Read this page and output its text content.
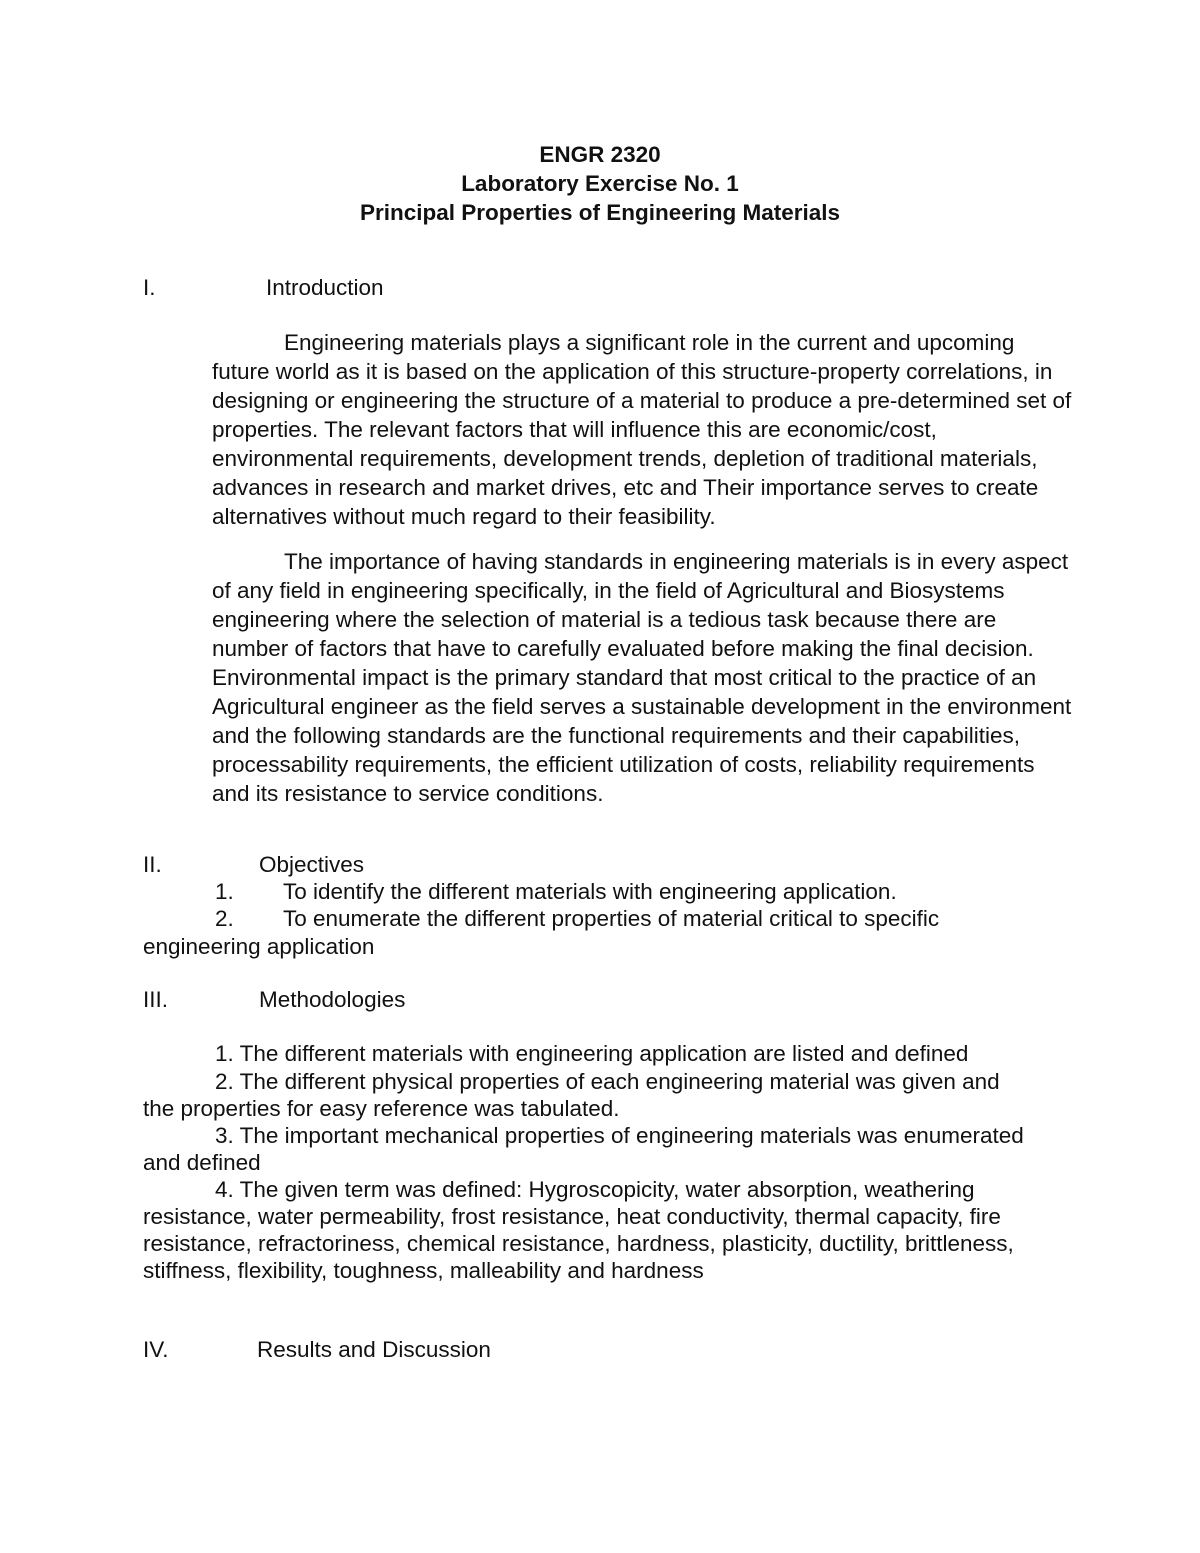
ENGR 2320
Laboratory Exercise No. 1
Principal Properties of Engineering Materials
I.	Introduction
Engineering materials plays a significant role in the current and upcoming future world as it is based on the application of this structure-property correlations, in designing or engineering the structure of a material to produce a pre-determined set of properties. The relevant factors that will influence this are economic/cost, environmental requirements, development trends, depletion of traditional materials, advances in research and market drives, etc and Their importance serves to create alternatives without much regard to their feasibility.
The importance of having standards in engineering materials is in every aspect of any field in engineering specifically, in the field of Agricultural and Biosystems engineering where the selection of material is a tedious task because there are number of factors that have to carefully evaluated before making the final decision. Environmental impact is the primary standard that most critical to the practice of an Agricultural engineer as the field serves a sustainable development in the environment and the following standards are the functional requirements and their capabilities, processability requirements, the efficient utilization of costs, reliability requirements and its resistance to service conditions.
II.	Objectives
1. To identify the different materials with engineering application.
2. To enumerate the different properties of material critical to specific
engineering application
III.	Methodologies
1. The different materials with engineering application are listed and defined
2. The different physical properties of each engineering material was given and
the properties for easy reference was tabulated.
3. The important mechanical properties of engineering materials was enumerated
and defined
4. The given term was defined: Hygroscopicity, water absorption, weathering
resistance, water permeability, frost resistance, heat conductivity, thermal capacity, fire
resistance, refractoriness, chemical resistance, hardness, plasticity, ductility, brittleness,
stiffness, flexibility, toughness, malleability and hardness
IV.	Results and Discussion
